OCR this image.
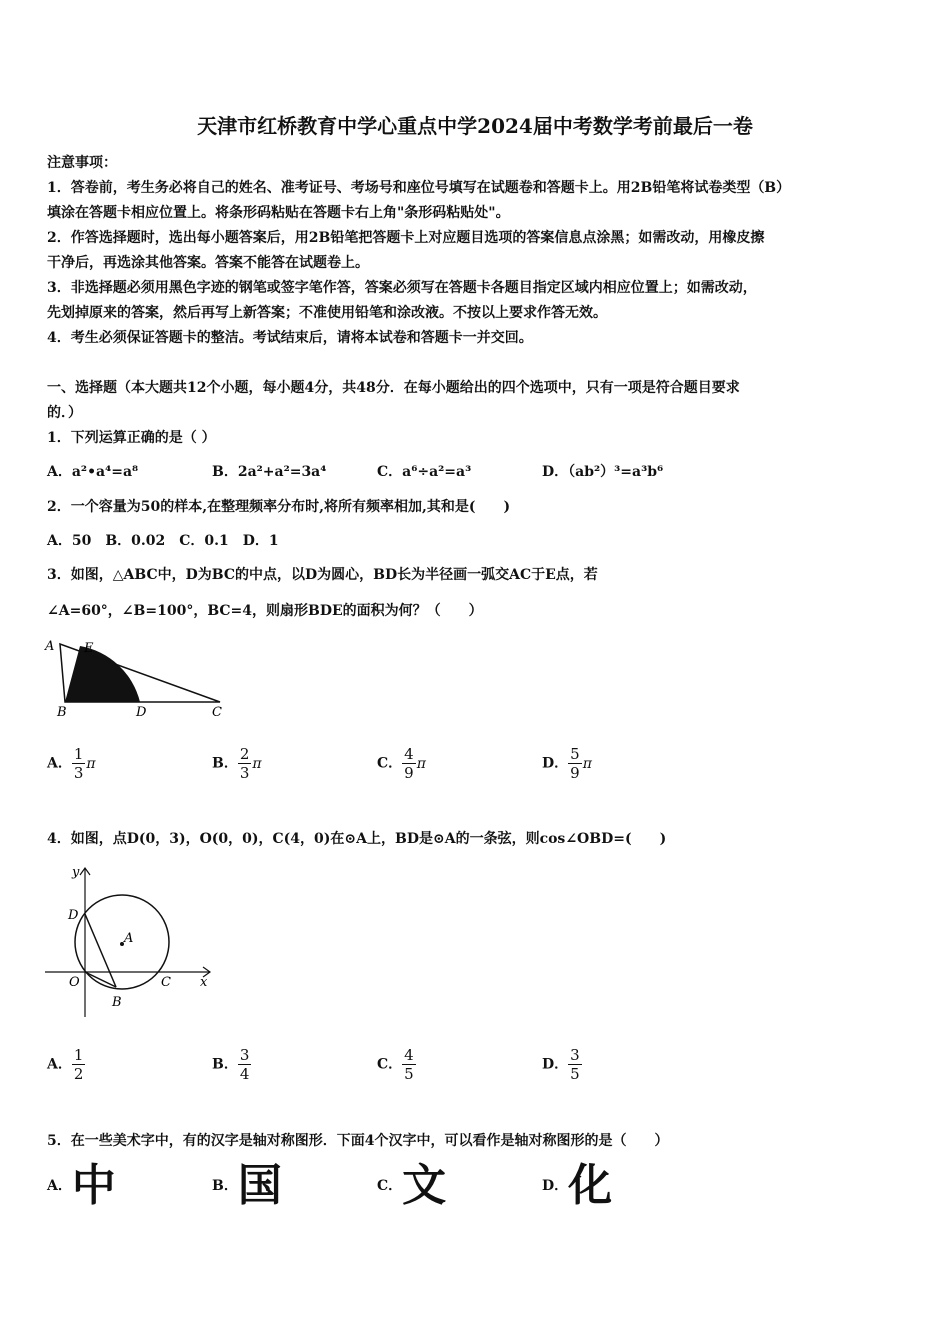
天津市红桥教育中学心重点中学2024届中考数学考前最后一卷
注意事项：
1．答卷前，考生务必将自己的姓名、准考证号、考场号和座位号填写在试题卷和答题卡上。用2B铅笔将试卷类型（B）
填涂在答题卡相应位置上。将条形码粘贴在答题卡右上角"条形码粘贴处"。
2．作答选择题时，选出每小题答案后，用2B铅笔把答题卡上对应题目选项的答案信息点涂黑；如需改动，用橡皮擦
干净后，再选涂其他答案。答案不能答在试题卷上。
3．非选择题必须用黑色字迹的钢笔或签字笔作答，答案必须写在答题卡各题目指定区域内相应位置上；如需改动，
先划掉原来的答案，然后再写上新答案；不准使用铅笔和涂改液。不按以上要求作答无效。
4．考生必须保证答题卡的整洁。考试结束后，请将本试卷和答题卡一并交回。
一、选择题（本大题共12个小题，每小题4分，共48分．在每小题给出的四个选项中，只有一项是符合题目要求
的．）
1．下列运算正确的是（ ）
A．a²•a⁴=a⁸	B．2a²+a²=3a⁴	C．a⁶÷a²=a³	D．（ab²）³=a³b⁶
2．一个容量为50的样本,在整理频率分布时,将所有频率相加,其和是(　　)
A．50　B．0.02　C．0.1　D．1
3．如图，△ABC中，D为BC的中点，以D为圆心，BD长为半径画一弧交AC于E点，若
∠A=60°，∠B=100°，BC=4，则扇形BDE的面积为何？（　　）
A E
B	D	C
A． $\frac{1}{3}$ π	B． $\frac{2}{3}$ π	C． $\frac{4}{9}$ π	D． $\frac{5}{9}$ π
4．如图，点D(0，3)，O(0，0)，C(4，0)在⊙A上，BD是⊙A的一条弦，则cos∠OBD=(　　)
y
D
A
O	C x
B
A． $\frac{1}{2}$	B． $\frac{3}{4}$	C． $\frac{4}{5}$	D． $\frac{3}{5}$
5．在一些美术字中，有的汉字是轴对称图形．下面4个汉字中，可以看作是轴对称图形的是（　　）
A．中	B．国	C．文	D．化
